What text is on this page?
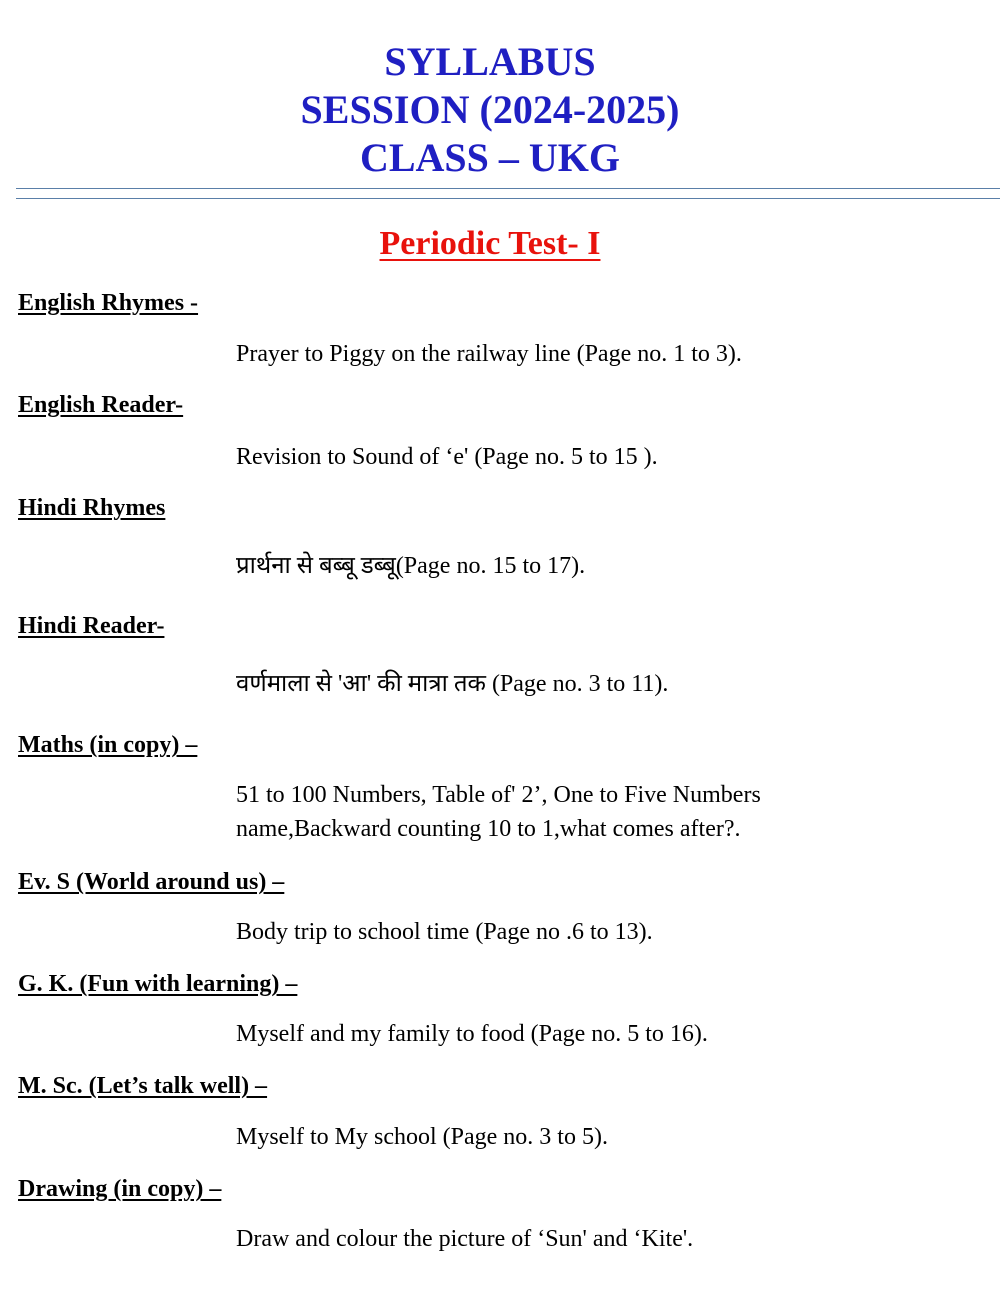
SYLLABUS
SESSION (2024-2025)
CLASS – UKG
Periodic Test- I
English Rhymes -
Prayer to Piggy on the railway line (Page no. 1 to 3).
English Reader-
Revision to Sound of ‘e' (Page no. 5 to 15 ).
Hindi Rhymes
प्रार्थना से बब्बू डब्बू(Page no. 15 to 17).
Hindi Reader-
वर्णमाला से 'आ' की मात्रा तक (Page no. 3 to 11).
Maths (in copy) –
51 to 100 Numbers, Table of' 2’, One to Five Numbers name,Backward counting 10 to 1,what comes after?.
Ev. S (World around us) –
Body trip to school time (Page no .6 to 13).
G. K. (Fun with learning) –
Myself and my family to food (Page no. 5 to 16).
M. Sc. (Let’s talk well) –
Myself to My school (Page no. 3 to 5).
Drawing (in copy) –
Draw and colour the picture of ‘Sun' and ‘Kite'.
